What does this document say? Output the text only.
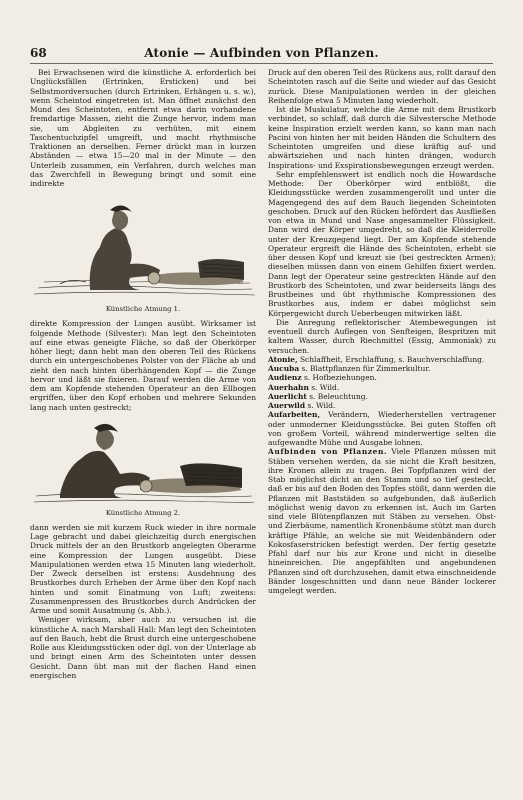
68	Atonie — Aufbinden von Pflanzen.

Bei Erwachsenen wird die künstliche A. erforderlich bei Unglücksfällen (Ertrinken, Ersticken) und bei Selbstmordversuchen (durch Ertrinken, Erhängen u. s. w.), wenn Scheintod eingetreten ist. Man öffnet zunächst den Mund des Scheintoten, entfernt etwa darin vorhandene fremdartige Massen, zieht die Zunge hervor, indem man sie, um Abgleiten zu verhüten, mit einem Taschentuchzipfel umgreift, und macht rhythmische Traktionen an derselben. Ferner drückt man in kurzen Abständen — etwa 15—20 mal in der Minute — den Unterleib zusammen, ein Verfahren, durch welches man das Zwerchfell in Bewegung bringt und somit eine indirekte

Künstliche Atmung 1.

direkte Kompression der Lungen ausübt. Wirksamer ist folgende Methode (Silvester): Man legt den Scheintoten auf eine etwas geneigte Fläche, so daß der Oberkörper höher liegt; dann hebt man den oberen Teil des Rückens durch ein untergeschobenes Polster von der Fläche ab und zieht den nach hinten überhängenden Kopf — die Zunge hervor und läßt sie fixieren. Darauf werden die Arme von dem am Kopfende stehenden Operateur an den Ellbogen ergriffen, über den Kopf erhoben und mehrere Sekunden lang nach unten gestreckt;

Künstliche Atmung 2.

dann werden sie mit kurzem Ruck wieder in ihre normale Lage gebracht und dabei gleichzeitig durch energischen Druck mittels der an den Brustkorb angelegten Oberarme eine Kompression der Lungen ausgeübt. Diese Manipulationen werden etwa 15 Minuten lang wiederholt. Der Zweck derselben ist erstens: Ausdehnung des Brustkorbes durch Erheben der Arme über den Kopf nach hinten und somit Einatmung von Luft; zweitens: Zusammenpressen des Brustkorbes durch Andrücken der Arme und somit Ausatmung (s. Abb.).

Weniger wirksam, aber auch zu versuchen ist die künstliche A. nach Marshall Hall: Man legt den Scheintoten auf den Bauch, hebt die Brust durch eine untergeschobene Rolle aus Kleidungsstücken oder dgl. von der Unterlage ab und bringt einen Arm des Scheintoten unter dessen Gesicht. Dann übt man mit der flachen Hand einen energischen

Druck auf den oberen Teil des Rückens aus, rollt darauf den Scheintoten rasch auf die Seite und wieder auf das Gesicht zurück. Diese Manipulationen werden in der gleichen Reihenfolge etwa 5 Minuten lang wiederholt.

Ist die Muskulatur, welche die Arme mit dem Brustkorb verbindet, so schlaff, daß durch die Silvestersche Methode keine Inspiration erzielt werden kann, so kann man nach Pacini von hinten her mit beiden Händen die Schultern des Scheintoten umgreifen und diese kräftig auf- und abwärtsziehen und nach hinten drängen, wodurch Inspirations- und Exspirationsbewegungen erzeugt werden.

Sehr empfehlenswert ist endlich noch die Howardsche Methode: Der Oberkörper wird entblößt, die Kleidungsstücke werden zusammengerollt und unter die Magengegend des auf dem Bauch liegenden Scheintoten geschoben. Druck auf den Rücken befördert das Ausfließen von etwa in Mund und Nase angesammelter Flüssigkeit. Dann wird der Körper umgedreht, so daß die Kleiderrolle unter der Kreuzgegend liegt. Der am Kopfende stehende Operateur ergreift die Hände des Scheintoten, erhebt sie über dessen Kopf und kreuzt sie (bei gestreckten Armen); dieselben müssen dann von einem Gehilfen fixiert werden. Dann legt der Operateur seine gestreckten Hände auf den Brustkorb des Scheintoten, und zwar beiderseits längs des Brustbeines und übt rhythmische Kompressionen des Brustkorbes aus, indem er dabei möglichst sein Körpergewicht durch Ueberbeugen mitwirken läßt.

Die Anregung reflektorischer Atembewegungen ist eventuell durch Auflegen von Senfteigen, Bespritzen mit kaltem Wasser, durch Riechmittel (Essig, Ammoniak) zu versuchen.

Atonie, Schlaffheit, Erschlaffung, s. Bauchverschlaffung.

Aucuba s. Blattpflanzen für Zimmerkultur.

Audienz s. Hofbeziehungen.

Auerhahn s. Wild.

Auerlicht s. Beleuchtung.

Auerwild s. Wild.

Aufarbeiten, Verändern, Wiederherstellen vertragener oder unmoderner Kleidungsstücke. Bei guten Stoffen oft von großem Vorteil, während minderwertige selten die aufgewandte Mühe und Ausgabe lohnen.

Aufbinden von Pflanzen. Viele Pflanzen müssen mit Stäben versehen werden, da sie nicht die Kraft besitzen, ihre Kronen allein zu tragen. Bei Topfpflanzen wird der Stab möglichst dicht an den Stamm und so tief gesteckt, daß er bis auf den Boden des Topfes stößt, dann werden die Pflanzen mit Baststäden so aufgebunden, daß äußerlich möglichst wenig davon zu erkennen ist. Auch im Garten sind viele Blütenpflanzen mit Stäben zu versehen. Obst- und Zierbäume, namentlich Kronenbäume stützt man durch kräftige Pfähle, an welche sie mit Weidenbändern oder Kokosfaserstricken befestigt werden. Der fertig gesetzte Pfahl darf nur bis zur Krone und nicht in dieselbe hineinreichen. Die angepfählten und angebundenen Pflanzen sind oft durchzusehen, damit etwa einschneidende Bänder losgeschnitten und dann neue Bänder lockerer umgelegt werden.
